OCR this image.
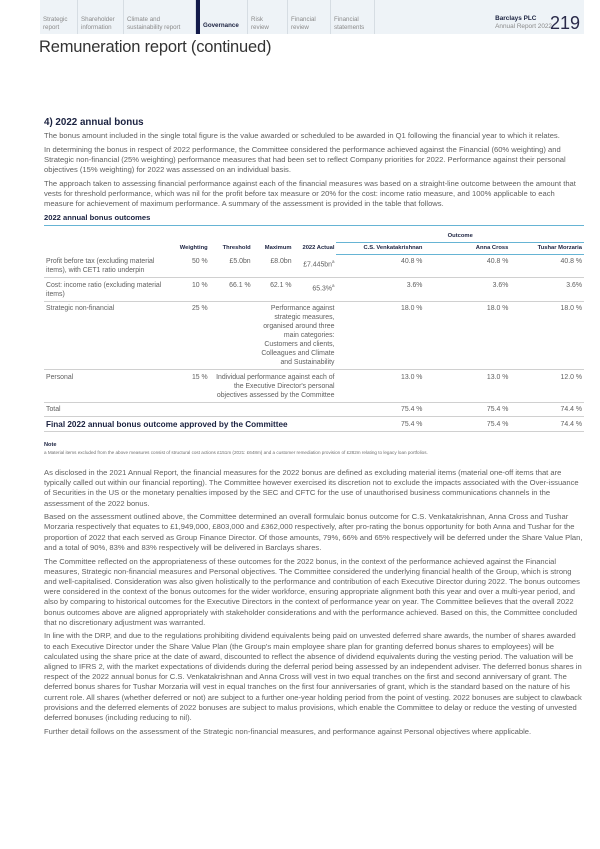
Strategic
report
Shareholder
information
Climate and
sustainability report	Governance
Risk
review
Financial
review
Financial
statements
Barclays PLC
Annual Report 2022
219
Remuneration report (continued)
4) 2022 annual bonus

The bonus amount included in the single total figure is the value awarded or scheduled to be awarded in Q1 following the financial year to which it relates.

In determining the bonus in respect of 2022 performance, the Committee considered the performance achieved against the Financial (60% weighting) and Strategic non-financial (25% weighting) performance measures that had been set to reflect Company priorities for 2022. Performance against their personal objectives (15% weighting) for 2022 was assessed on an individual basis.

The approach taken to assessing financial performance against each of the financial measures was based on a straight-line outcome between the amount that vests for threshold performance, which was nil for the profit before tax measure or 20% for the cost: income ratio measure, and 100% applicable to each measure for achievement of maximum performance. A summary of the assessment is provided in the table that follows.

2022 annual bonus outcomes
					Outcome		
	Weighting	Threshold	Maximum	2022 Actual	C.S. Venkatakrishnan	Anna Cross	Tushar Morzaria
Profit before tax (excluding material items), with CET1 ratio underpin	50 %	£5.0bn	£8.0bn	$£7.445bn^a$	40.8 %	40.8 %	40.8 %
Cost: income ratio (excluding material items)	10 %	66.1 %	62.1 %	65.3%$^a$	3.6%	3.6%	3.6%
Strategic non-financial	25 %	Performance against strategic measures, organised around three main categories: Customers and clients, Colleagues and Climate and Sustainability			18.0 %	18.0 %	18.0 %
Personal	15 %	Individual performance against each of the Executive Director's personal objectives assessed by the Committee			13.0 %	13.0 %	12.0 %
Total					75.4 %	75.4 %	74.4 %
Final 2022 annual bonus outcome approved by the Committee					75.4 %	75.4 %	74.4 %
Note
a Material items excluded from the above measures consist of structural cost actions £151m (2021: £648m) and a customer remediation provision of £282m relating to legacy loan portfolios.

As disclosed in the 2021 Annual Report, the financial measures for the 2022 bonus are defined as excluding material items (material one-off items that are typically called out within our financial reporting). The Committee however exercised its discretion not to exclude the impacts associated with the Over-issuance of Securities in the US or the monetary penalties imposed by the SEC and CFTC for the use of unauthorised business communications channels in the assessment of the 2022 bonus.

Based on the assessment outlined above, the Committee determined an overall formulaic bonus outcome for C.S. Venkatakrishnan, Anna Cross and Tushar Morzaria respectively that equates to £1,949,000, £803,000 and £362,000 respectively, after pro-rating the bonus opportunity for both Anna and Tushar for the proportion of 2022 that each served as Group Finance Director. Of those amounts, 79%, 66% and 65% respectively will be deferred under the Share Value Plan, and a total of 90%, 83% and 83% respectively will be delivered in Barclays shares.

The Committee reflected on the appropriateness of these outcomes for the 2022 bonus, in the context of the performance achieved against the Financial measures, Strategic non-financial measures and Personal objectives. The Committee considered the underlying financial health of the Group, which is strong and well-capitalised. Consideration was also given holistically to the performance and contribution of each Executive Director during 2022. The bonus outcomes were considered in the context of the bonus outcomes for the wider workforce, ensuring appropriate alignment both this year and over a multi-year period, and also by comparing to historical outcomes for the Executive Directors in the context of performance year on year. The Committee believes that the overall 2022 bonus outcomes above are aligned appropriately with stakeholder considerations and with the performance achieved. Based on this, the Committee concluded that no discretionary adjustment was warranted.

In line with the DRP, and due to the regulations prohibiting dividend equivalents being paid on unvested deferred share awards, the number of shares awarded to each Executive Director under the Share Value Plan (the Group's main employee share plan for granting deferred bonus shares to employees) will be calculated using the share price at the date of award, discounted to reflect the absence of dividend equivalents during the vesting period. The valuation will be aligned to IFRS 2, with the market expectations of dividends during the deferral period being assessed by an independent adviser. The deferred bonus shares in respect of the 2022 annual bonus for C.S. Venkatakrishnan and Anna Cross will vest in two equal tranches on the first and second anniversary of grant. The deferred bonus shares for Tushar Morzaria will vest in equal tranches on the first four anniversaries of grant, which is the standard based on the nature of his current role. All shares (whether deferred or not) are subject to a further one-year holding period from the point of vesting. 2022 bonuses are subject to clawback provisions and the deferred elements of 2022 bonuses are subject to malus provisions, which enable the Committee to delay or reduce the vesting of unvested deferred bonuses (including reducing to nil).

Further detail follows on the assessment of the Strategic non-financial measures, and performance against Personal objectives where applicable.
